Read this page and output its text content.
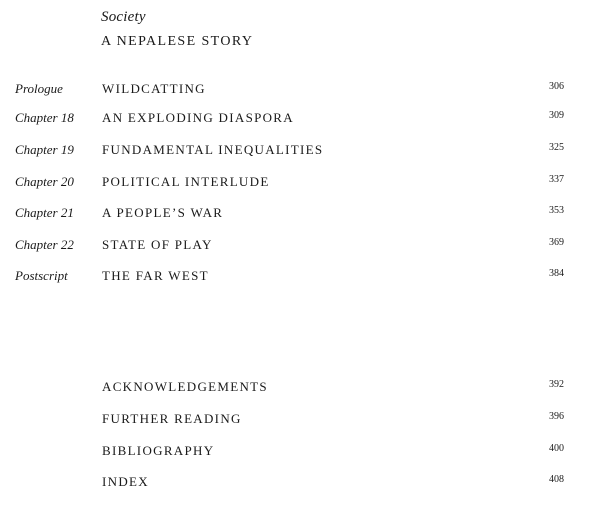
Society
A NEPALESE STORY
Prologue	WILDCATTING	306
Chapter 18 AN EXPLODING DIASPORA	309
Chapter 19 FUNDAMENTAL INEQUALITIES	325
Chapter 20 POLITICAL INTERLUDE	337
Chapter 21 A PEOPLE’S WAR	353
Chapter 22 STATE OF PLAY	369
Postscript	THE FAR WEST	384
ACKNOWLEDGEMENTS	392
FURTHER READING	396
BIBLIOGRAPHY	400
INDEX	408
